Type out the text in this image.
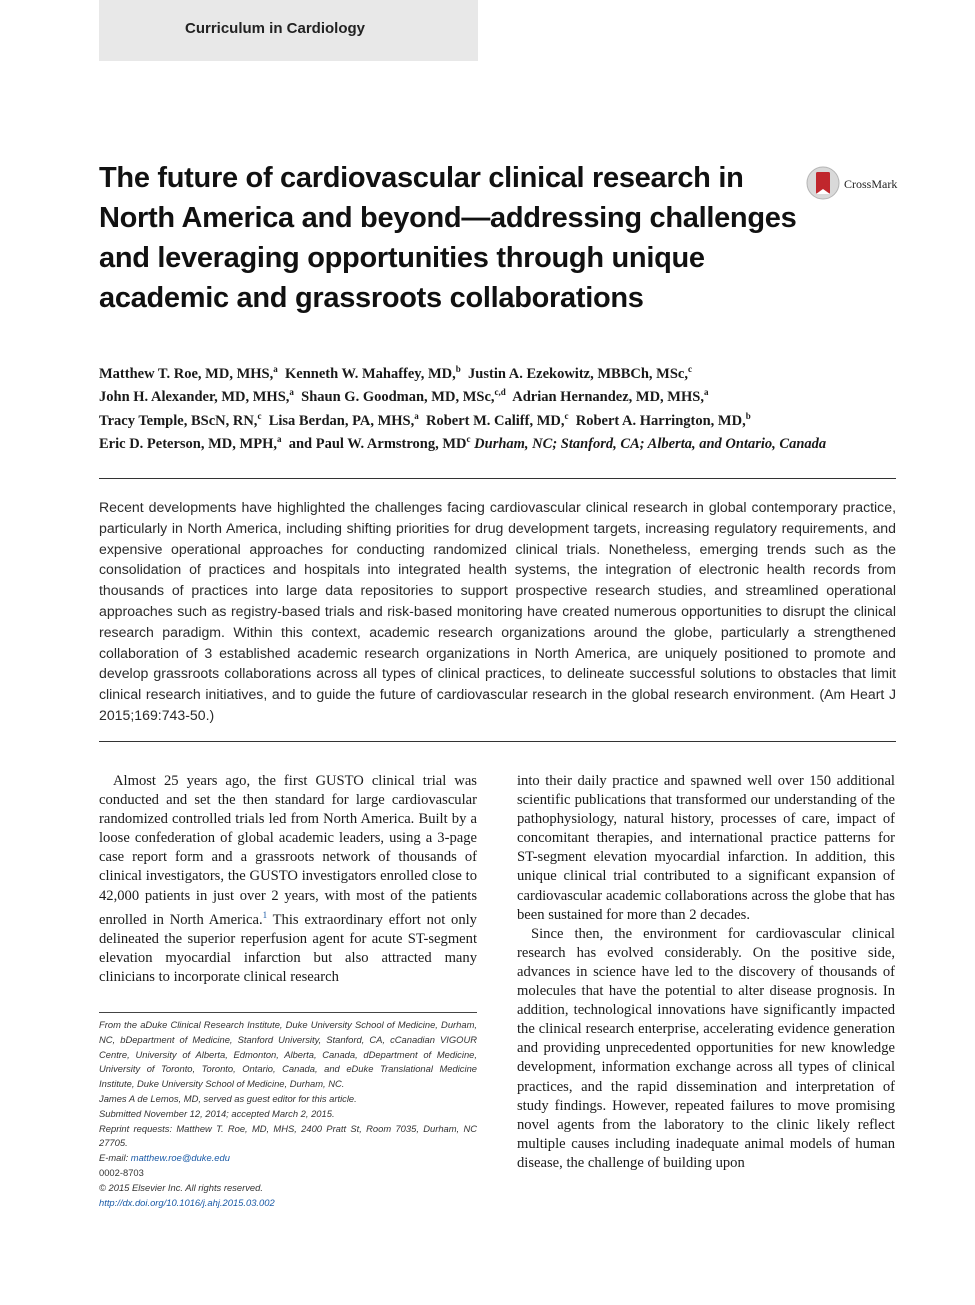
Curriculum in Cardiology
The future of cardiovascular clinical research in North America and beyond—addressing challenges and leveraging opportunities through unique academic and grassroots collaborations
CrossMark
Matthew T. Roe, MD, MHS,$^a$ Kenneth W. Mahaffey, MD,$^b$ Justin A. Ezekowitz, MBBCh, MSc,$^c$
John H. Alexander, MD, MHS,$^a$ Shaun G. Goodman, MD, MSc,$^{c,d}$ Adrian Hernandez, MD, MHS,$^a$
Tracy Temple, BScN, RN,$^c$ Lisa Berdan, PA, MHS,$^a$ Robert M. Califf, MD,$^c$ Robert A. Harrington, MD,$^b$
Eric D. Peterson, MD, MPH,$^a$ and Paul W. Armstrong, $MD^c$ Durham, NC; Stanford, CA; Alberta, and Ontario, Canada

Recent developments have highlighted the challenges facing cardiovascular clinical research in global contemporary practice, particularly in North America, including shifting priorities for drug development targets, increasing regulatory requirements, and expensive operational approaches for conducting randomized clinical trials. Nonetheless, emerging trends such as the consolidation of practices and hospitals into integrated health systems, the integration of electronic health records from thousands of practices into large data repositories to support prospective research studies, and streamlined operational approaches such as registry-based trials and risk-based monitoring have created numerous opportunities to disrupt the clinical research paradigm. Within this context, academic research organizations around the globe, particularly a strengthened collaboration of 3 established academic research organizations in North America, are uniquely positioned to promote and develop grassroots collaborations across all types of clinical practices, to delineate successful solutions to obstacles that limit clinical research initiatives, and to guide the future of cardiovascular research in the global research environment. (Am Heart J 2015;169:743-50.)

Almost 25 years ago, the first GUSTO clinical trial was conducted and set the then standard for large cardiovascular randomized controlled trials led from North America. Built by a loose confederation of global academic leaders, using a 3-page case report form and a grassroots network of thousands of clinical investigators, the GUSTO investigators enrolled close to 42,000 patients in just over 2 years, with most of the patients enrolled in North America.$^1$ This extraordinary effort not only delineated the superior reperfusion agent for acute ST-segment elevation myocardial infarction but also attracted many clinicians to incorporate clinical research

into their daily practice and spawned well over 150 additional scientific publications that transformed our understanding of the pathophysiology, natural history, processes of care, impact of concomitant therapies, and international practice patterns for ST-segment elevation myocardial infarction. In addition, this unique clinical trial contributed to a significant expansion of cardiovascular academic collaborations across the globe that has been sustained for more than 2 decades.

Since then, the environment for cardiovascular clinical research has evolved considerably. On the positive side, advances in science have led to the discovery of thousands of molecules that have the potential to alter disease prognosis. In addition, technological innovations have significantly impacted the clinical research enterprise, accelerating evidence generation and providing unprecedented opportunities for new knowledge development, information exchange across all types of clinical practices, and the rapid dissemination and interpretation of study findings. However, repeated failures to move promising novel agents from the laboratory to the clinic likely reflect multiple causes including inadequate animal models of human disease, the challenge of building upon

From the aDuke Clinical Research Institute, Duke University School of Medicine, Durham, NC, bDepartment of Medicine, Stanford University, Stanford, CA, cCanadian VIGOUR Centre, University of Alberta, Edmonton, Alberta, Canada, dDepartment of Medicine, University of Toronto, Toronto, Ontario, Canada, and eDuke Translational Medicine Institute, Duke University School of Medicine, Durham, NC.
James A de Lemos, MD, served as guest editor for this article.
Submitted November 12, 2014; accepted March 2, 2015.
Reprint requests: Matthew T. Roe, MD, MHS, 2400 Pratt St, Room 7035, Durham, NC 27705.
E-mail: matthew.roe@duke.edu
0002-8703
© 2015 Elsevier Inc. All rights reserved.
http://dx.doi.org/10.1016/j.ahj.2015.03.002
